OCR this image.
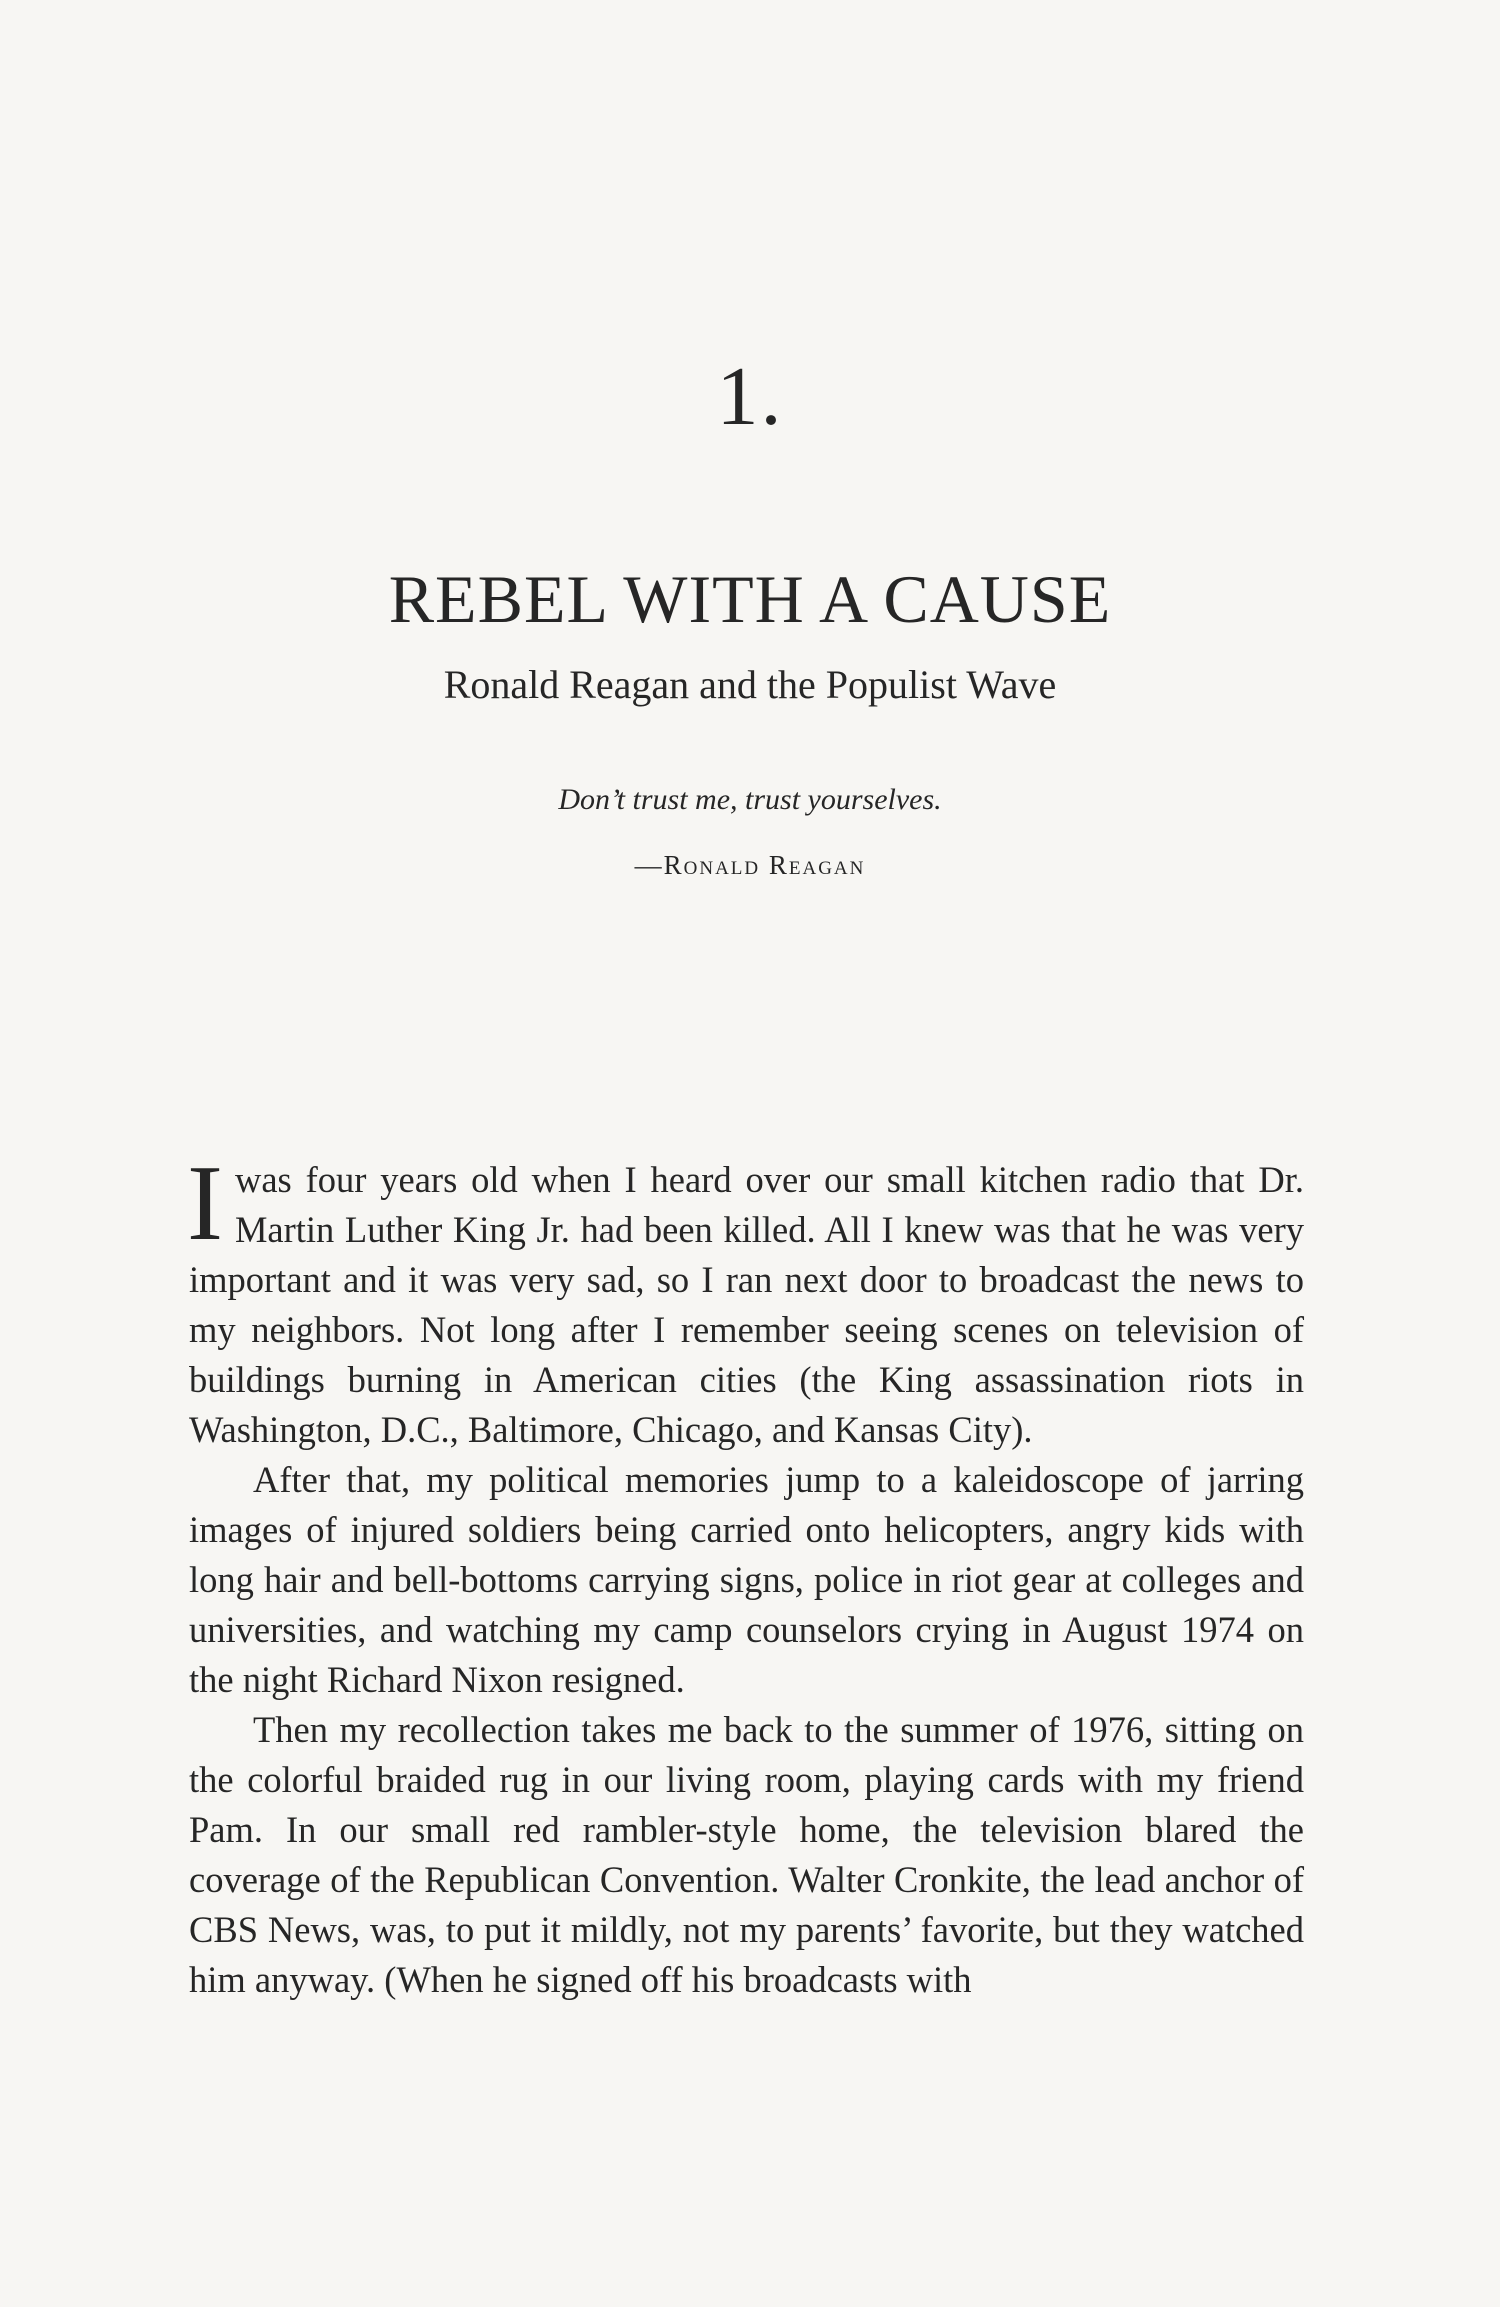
1.
REBEL WITH A CAUSE
Ronald Reagan and the Populist Wave
Don’t trust me, trust yourselves.
—Ronald Reagan

Iwas four years old when I heard over our small kitchen radio that Dr. Martin Luther King Jr. had been killed. All I knew was that he was very important and it was very sad, so I ran next door to broadcast the news to my neighbors. Not long after I remember seeing scenes on television of buildings burning in American cities (the King assassination riots in Washington, D.C., Baltimore, Chicago, and Kansas City).

After that, my political memories jump to a kaleidoscope of jarring images of injured soldiers being carried onto helicopters, angry kids with long hair and bell-bottoms carrying signs, police in riot gear at colleges and universities, and watching my camp counselors crying in August 1974 on the night Richard Nixon resigned.

Then my recollection takes me back to the summer of 1976, sitting on the colorful braided rug in our living room, playing cards with my friend Pam. In our small red rambler-style home, the television blared the coverage of the Republican Convention. Walter Cronkite, the lead anchor of CBS News, was, to put it mildly, not my parents’ favorite, but they watched him anyway. (When he signed off his broadcasts with
